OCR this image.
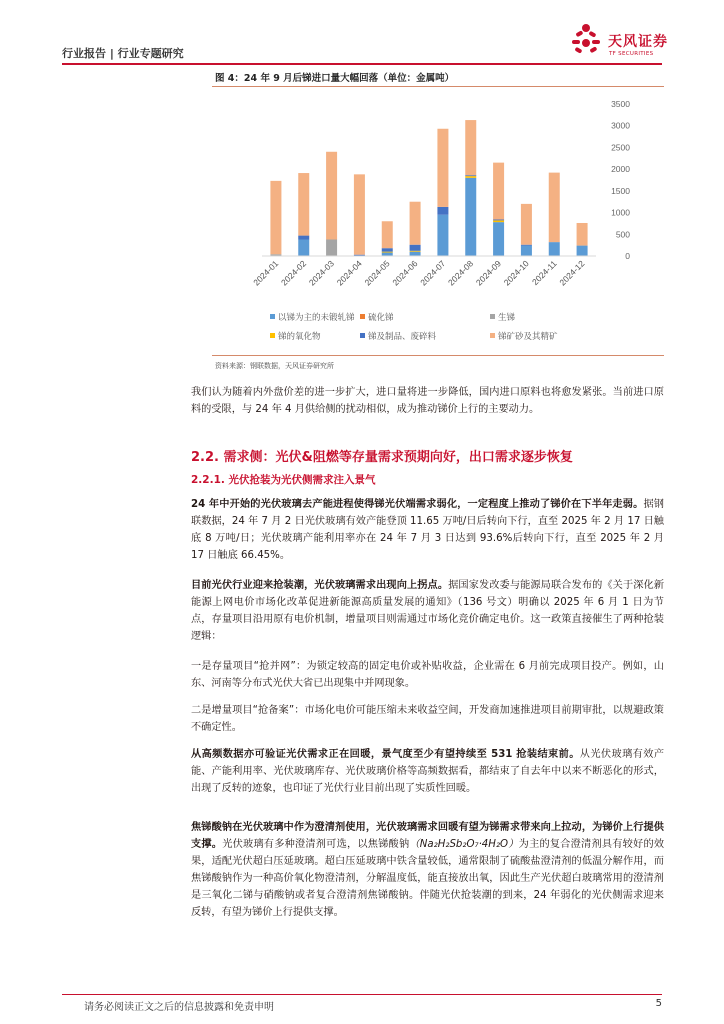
行业报告 | 行业专题研究
天风证券
TF SECURITIES
图 4：24 年 9 月后锑进口量大幅回落（单位：金属吨）
0
500
1000
1500
2000
2500
3000
3500
2024-01
2024-02
2024-03
2024-04
2024-05
2024-06
2024-07
2024-08
2024-09
2024-10 2024-11
2024-12
以锑为主的未锻轧锑 硫化锑	生锑
锑的氧化物	锑及制品、废碎料	锑矿砂及其精矿
资料来源：钢联数据，天风证券研究所
我们认为随着内外盘价差的进一步扩大，进口量将进一步降低，国内进口原料也将愈发紧张。当前进口原料的受限，与 24 年 4 月供给侧的扰动相似，成为推动锑价上行的主要动力。
2.2. 需求侧：光伏&阻燃等存量需求预期向好，出口需求逐步恢复
2.2.1. 光伏抢装为光伏侧需求注入景气
24 年中开始的光伏玻璃去产能进程使得锑光伏端需求弱化，一定程度上推动了锑价在下半年走弱。据钢联数据，24 年 7 月 2 日光伏玻璃有效产能登顶 11.65 万吨/日后转向下行，直至 2025 年 2 月 17 日触底 8 万吨/日；光伏玻璃产能利用率亦在 24 年 7 月 3 日达到 93.6%后转向下行，直至 2025 年 2 月 17 日触底 66.45%。
目前光伏行业迎来抢装潮，光伏玻璃需求出现向上拐点。据国家发改委与能源局联合发布的《关于深化新能源上网电价市场化改革促进新能源高质量发展的通知》（136 号文）明确以 2025 年 6 月 1 日为节点，存量项目沿用原有电价机制，增量项目则需通过市场化竞价确定电价。这一政策直接催生了两种抢装逻辑：
一是存量项目“抢并网”：为锁定较高的固定电价或补贴收益，企业需在 6 月前完成项目投产。例如，山东、河南等分布式光伏大省已出现集中并网现象。
二是增量项目“抢备案”：市场化电价可能压缩未来收益空间，开发商加速推进项目前期审批，以规避政策不确定性。
从高频数据亦可验证光伏需求正在回暖，景气度至少有望持续至 531 抢装结束前。从光伏玻璃有效产能、产能利用率、光伏玻璃库存、光伏玻璃价格等高频数据看，都结束了自去年中以来不断恶化的形式，出现了反转的迹象，也印证了光伏行业目前出现了实质性回暖。
焦锑酸钠在光伏玻璃中作为澄清剂使用，光伏玻璃需求回暖有望为锑需求带来向上拉动，为锑价上行提供支撑。光伏玻璃有多种澄清剂可选，以焦锑酸钠（Na₂H₂Sb₂O₇·4H₂O）为主的复合澄清剂具有较好的效果，适配光伏超白压延玻璃。超白压延玻璃中铁含量较低，通常限制了硫酸盐澄清剂的低温分解作用，而焦锑酸钠作为一种高价氧化物澄清剂，分解温度低，能直接放出氧，因此生产光伏超白玻璃常用的澄清剂是三氧化二锑与硝酸钠或者复合澄清剂焦锑酸钠。伴随光伏抢装潮的到来，24 年弱化的光伏侧需求迎来反转，有望为锑价上行提供支撑。
请务必阅读正文之后的信息披露和免责申明	5
